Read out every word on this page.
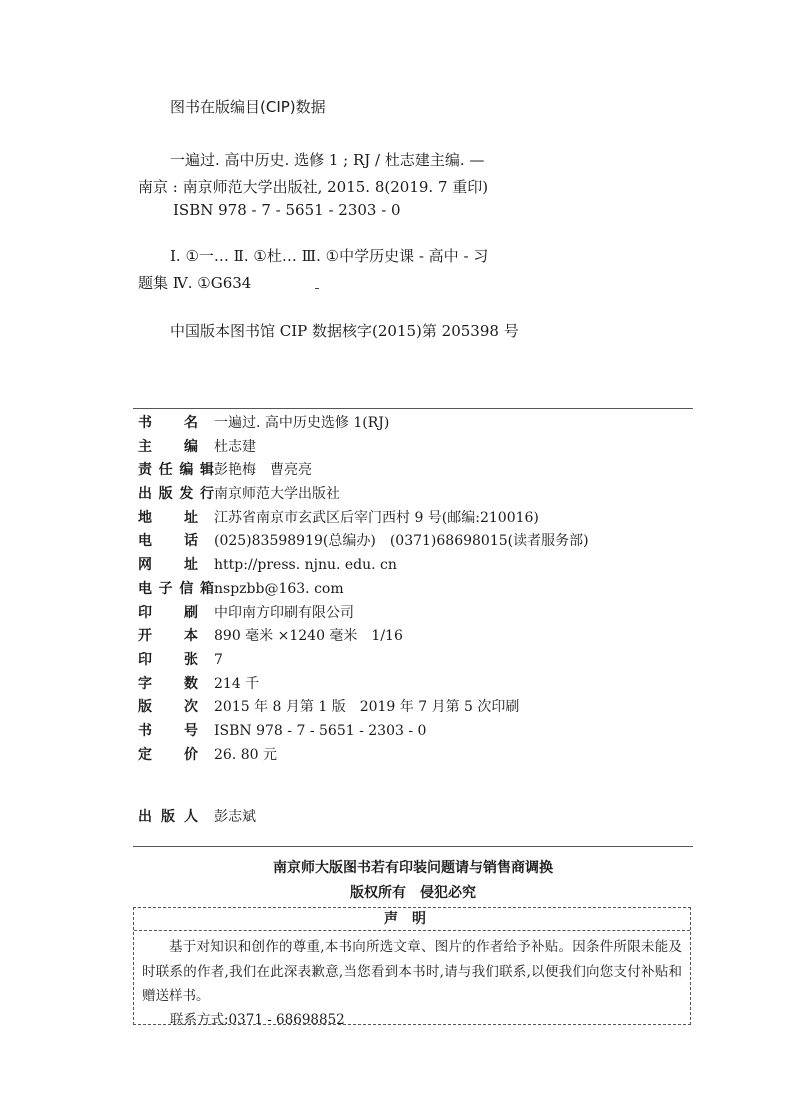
图书在版编目(CIP)数据
一遍过. 高中历史. 选修 1 ; RJ / 杜志建主编. —
南京 : 南京师范大学出版社, 2015. 8(2019. 7 重印)
ISBN 978 - 7 - 5651 - 2303 - 0
Ⅰ. ①一… Ⅱ. ①杜… Ⅲ. ①中学历史课 - 高中 - 习
题集 Ⅳ. ①G634
中国版本图书馆 CIP 数据核字(2015)第 205398 号
书名 一遍过. 高中历史选修 1(RJ)
主编 杜志建
责任编辑 彭艳梅　曹亮亮
出版发行 南京师范大学出版社
地址 江苏省南京市玄武区后宰门西村 9 号(邮编:210016)
电话 (025)83598919(总编办)　(0371)68698015(读者服务部)
网址 http://press. njnu. edu. cn
电子信箱 nspzbb@163. com
印刷 中印南方印刷有限公司
开本 890 毫米 ×1240 毫米　1/16
印张 7
字数 214 千
版次 2015 年 8 月第 1 版　2019 年 7 月第 5 次印刷
书号 ISBN 978 - 7 - 5651 - 2303 - 0
定价 26. 80 元
出版人 彭志斌
南京师大版图书若有印装问题请与销售商调换
版权所有　侵犯必究
声明
基于对知识和创作的尊重,本书向所选文章、图片的作者给予补贴。因条件所限未能及时联系的作者,我们在此深表歉意,当您看到本书时,请与我们联系,以便我们向您支付补贴和赠送样书。
联系方式:0371 - 68698852
